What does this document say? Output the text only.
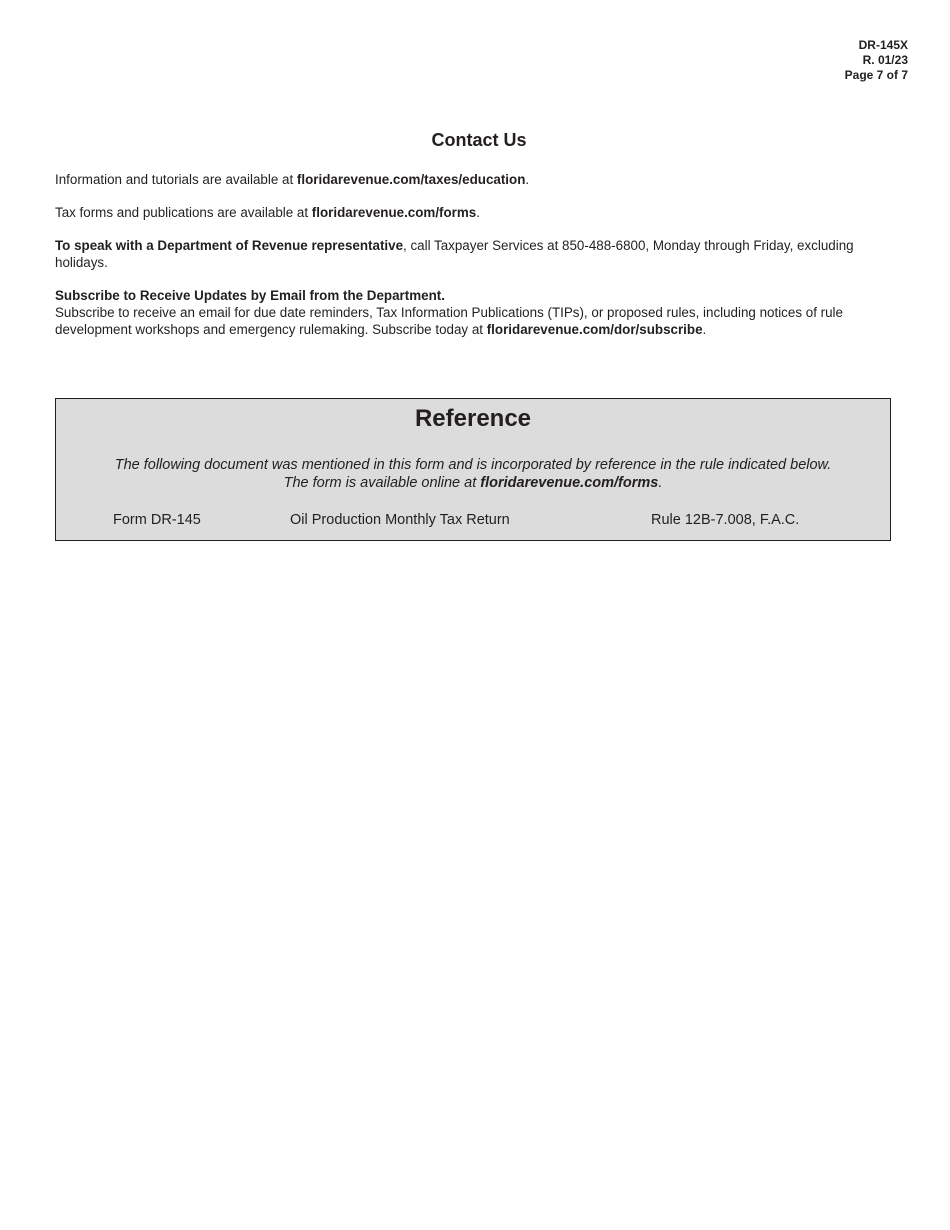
DR-145X
R. 01/23
Page 7 of 7
Contact Us

Information and tutorials are available at floridarevenue.com/taxes/education.

Tax forms and publications are available at floridarevenue.com/forms.

To speak with a Department of Revenue representative, call Taxpayer Services at 850-488-6800, Monday through Friday, excluding holidays.

Subscribe to Receive Updates by Email from the Department.
Subscribe to receive an email for due date reminders, Tax Information Publications (TIPs), or proposed rules, including notices of rule development workshops and emergency rulemaking. Subscribe today at floridarevenue.com/dor/subscribe.

Reference
The following document was mentioned in this form and is incorporated by reference in the rule indicated below.
The form is available online at floridarevenue.com/forms.
Form DR-145	Oil Production Monthly Tax Return	Rule 12B-7.008, F.A.C.
